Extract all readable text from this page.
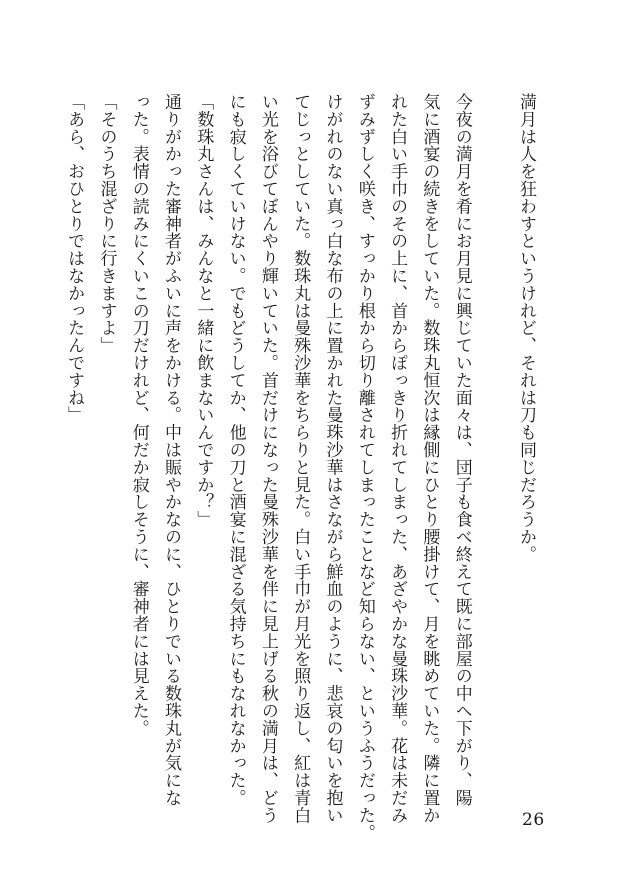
満月は人を狂わすというけれど、それは刀も同じだろうか。
今夜の満月を肴にお月見に興じていた面々は、団子も食べ終えて既に部屋の中へ下がり、陽
気に酒宴の続きをしていた。数珠丸恒次は縁側にひとり腰掛けて、月を眺めていた。隣に置か
れた白い手巾のその上に、首からぽっきり折れてしまった、あざやかな曼珠沙華。花は未だみ
ずみずしく咲き、すっかり根から切り離されてしまったことなど知らない、というふうだった。
けがれのない真っ白な布の上に置かれた曼珠沙華はさながら鮮血のように、悲哀の匂いを抱い
てじっとしていた。数珠丸は曼殊沙華をちらりと見た。白い手巾が月光を照り返し、紅は青白
い光を浴びてぼんやり輝いていた。首だけになった曼殊沙華を伴に見上げる秋の満月は、どう
にも寂しくていけない。でもどうしてか、他の刀と酒宴に混ざる気持ちにもなれなかった。
「数珠丸さんは、みんなと一緒に飲まないんですか？」
通りがかった審神者がふいに声をかける。中は賑やかなのに、ひとりでいる数珠丸が気にな
った。表情の読みにくいこの刀だけれど、何だか寂しそうに、審神者には見えた。
「そのうち混ざりに行きますよ」
「あら、おひとりではなかったんですね」
26
